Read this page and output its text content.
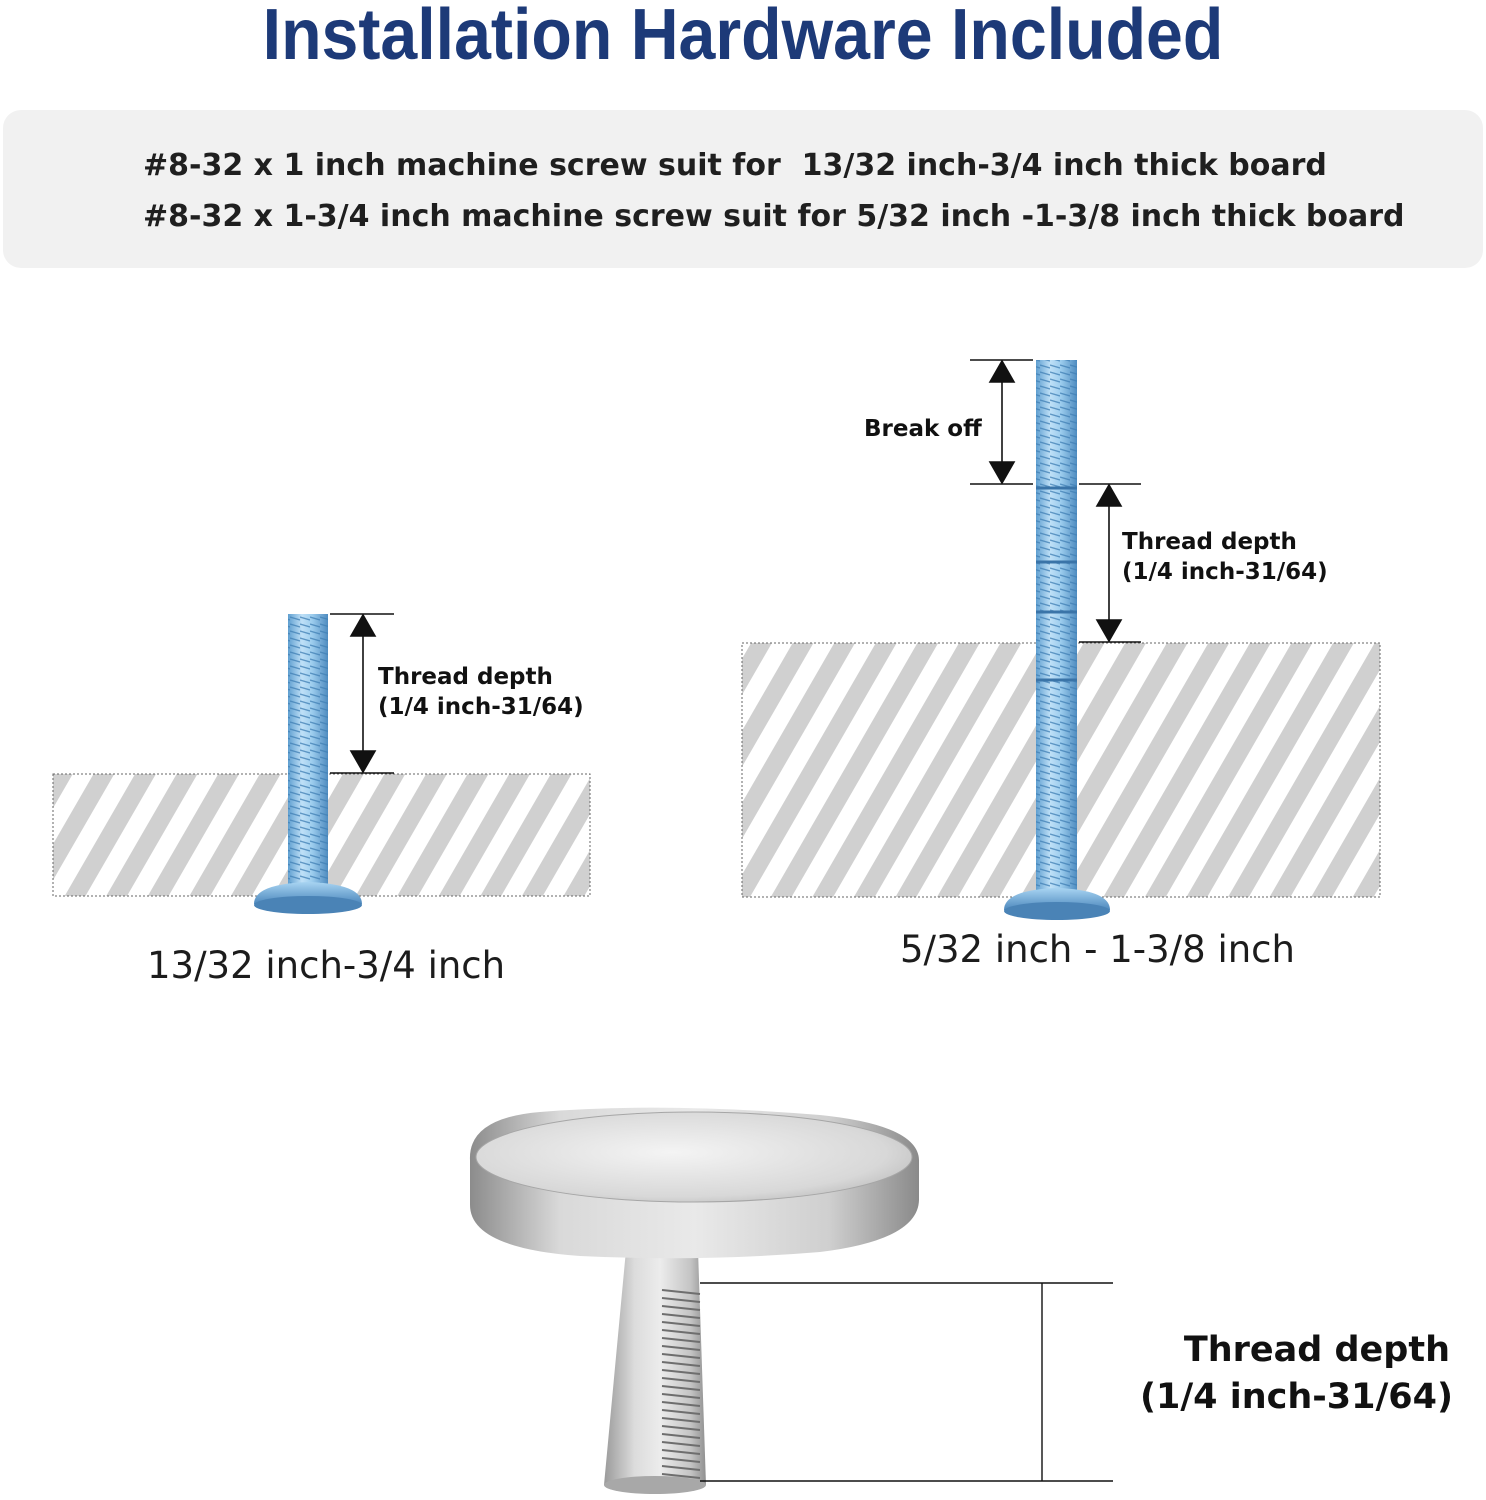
Installation Hardware Included
#8-32 x 1 inch machine screw suit for  13/32 inch-3/4 inch thick board
#8-32 x 1-3/4 inch machine screw suit for 5/32 inch -1-3/8 inch thick board
Thread depth
(1/4 inch-31/64)
13/32 inch-3/4 inch
Break off
Thread depth
(1/4 inch-31/64)
5/32 inch - 1-3/8 inch
Thread depth
(1/4 inch-31/64)
